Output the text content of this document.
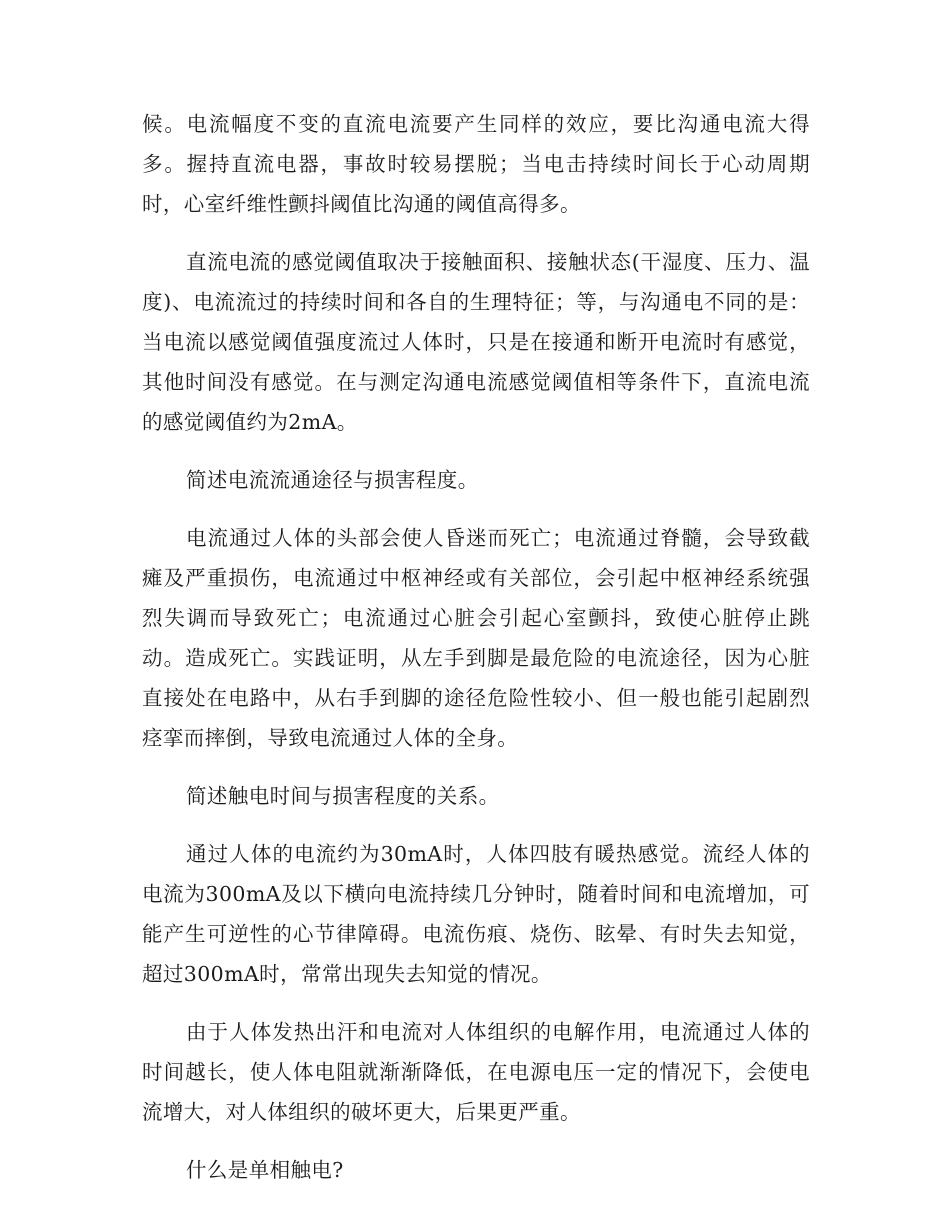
候。电流幅度不变的直流电流要产生同样的效应，要比沟通电流大得多。握持直流电器，事故时较易摆脱；当电击持续时间长于心动周期时，心室纤维性颤抖阈值比沟通的阈值高得多。

直流电流的感觉阈值取决于接触面积、接触状态(干湿度、压力、温度)、电流流过的持续时间和各自的生理特征；等，与沟通电不同的是：当电流以感觉阈值强度流过人体时，只是在接通和断开电流时有感觉，其他时间没有感觉。在与测定沟通电流感觉阈值相等条件下，直流电流的感觉阈值约为2mA。

简述电流流通途径与损害程度。

电流通过人体的头部会使人昏迷而死亡；电流通过脊髓，会导致截瘫及严重损伤，电流通过中枢神经或有关部位，会引起中枢神经系统强烈失调而导致死亡；电流通过心脏会引起心室颤抖，致使心脏停止跳动。造成死亡。实践证明，从左手到脚是最危险的电流途径，因为心脏直接处在电路中，从右手到脚的途径危险性较小、但一般也能引起剧烈痉挛而摔倒，导致电流通过人体的全身。

简述触电时间与损害程度的关系。

通过人体的电流约为30mA时，人体四肢有暖热感觉。流经人体的电流为300mA及以下横向电流持续几分钟时，随着时间和电流增加，可能产生可逆性的心节律障碍。电流伤痕、烧伤、眩晕、有时失去知觉，超过300mA时，常常出现失去知觉的情况。

由于人体发热出汗和电流对人体组织的电解作用，电流通过人体的时间越长，使人体电阻就渐渐降低，在电源电压一定的情况下，会使电流增大，对人体组织的破坏更大，后果更严重。

什么是单相触电?
